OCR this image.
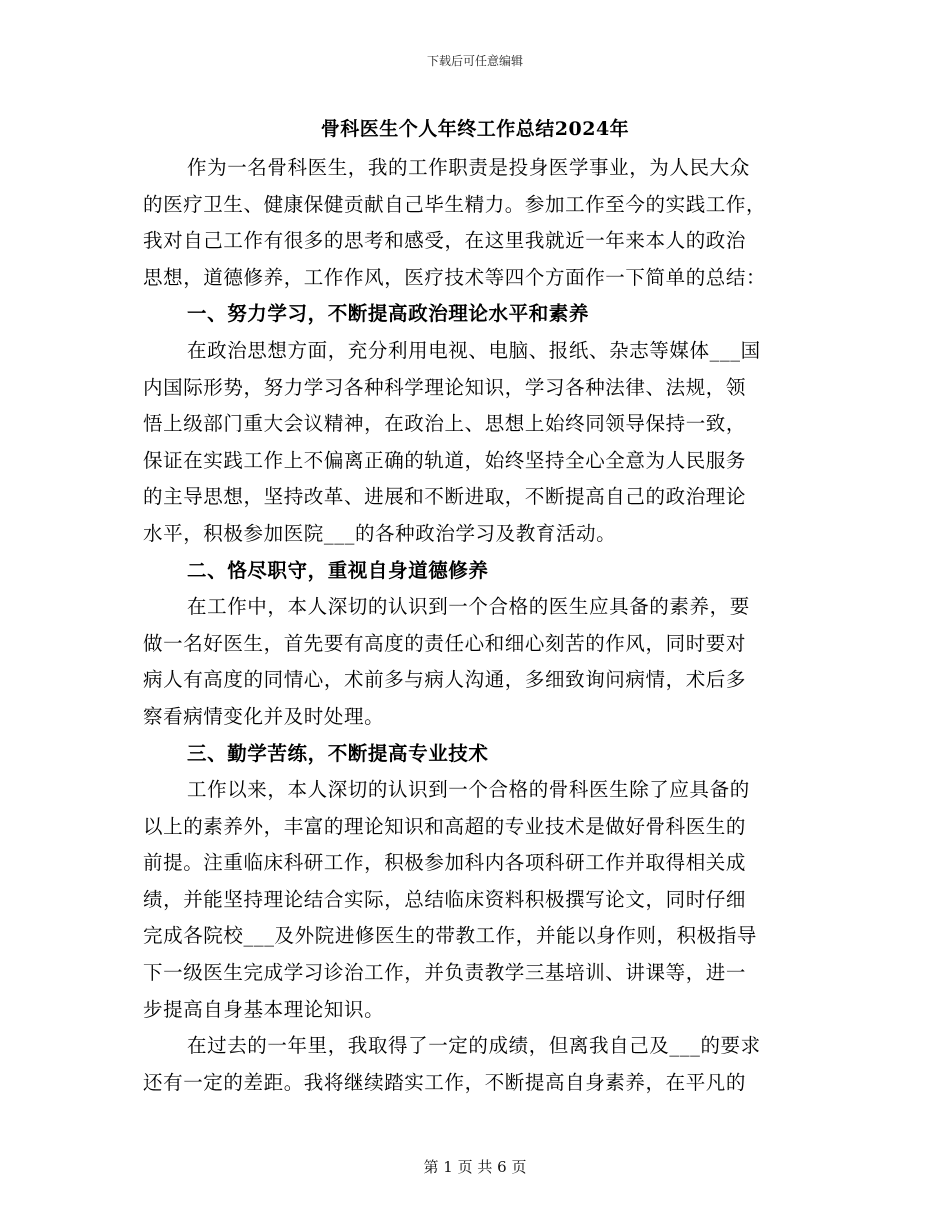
下载后可任意编辑
骨科医生个人年终工作总结2024年
作为一名骨科医生，我的工作职责是投身医学事业，为人民大众
的医疗卫生、健康保健贡献自己毕生精力。参加工作至今的实践工作，
我对自己工作有很多的思考和感受，在这里我就近一年来本人的政治
思想，道德修养，工作作风，医疗技术等四个方面作一下简单的总结：
一、努力学习，不断提高政治理论水平和素养
在政治思想方面，充分利用电视、电脑、报纸、杂志等媒体___国
内国际形势，努力学习各种科学理论知识，学习各种法律、法规，领
悟上级部门重大会议精神，在政治上、思想上始终同领导保持一致，
保证在实践工作上不偏离正确的轨道，始终坚持全心全意为人民服务
的主导思想，坚持改革、进展和不断进取，不断提高自己的政治理论
水平，积极参加医院___的各种政治学习及教育活动。
二、恪尽职守，重视自身道德修养
在工作中，本人深切的认识到一个合格的医生应具备的素养，要
做一名好医生，首先要有高度的责任心和细心刻苦的作风，同时要对
病人有高度的同情心，术前多与病人沟通，多细致询问病情，术后多
察看病情变化并及时处理。
三、勤学苦练，不断提高专业技术
工作以来，本人深切的认识到一个合格的骨科医生除了应具备的
以上的素养外，丰富的理论知识和高超的专业技术是做好骨科医生的
前提。注重临床科研工作，积极参加科内各项科研工作并取得相关成
绩，并能坚持理论结合实际，总结临床资料积极撰写论文，同时仔细
完成各院校___及外院进修医生的带教工作，并能以身作则，积极指导
下一级医生完成学习诊治工作，并负责教学三基培训、讲课等，进一
步提高自身基本理论知识。
在过去的一年里，我取得了一定的成绩，但离我自己及___的要求
还有一定的差距。我将继续踏实工作，不断提高自身素养，在平凡的
第 1 页 共 6 页
